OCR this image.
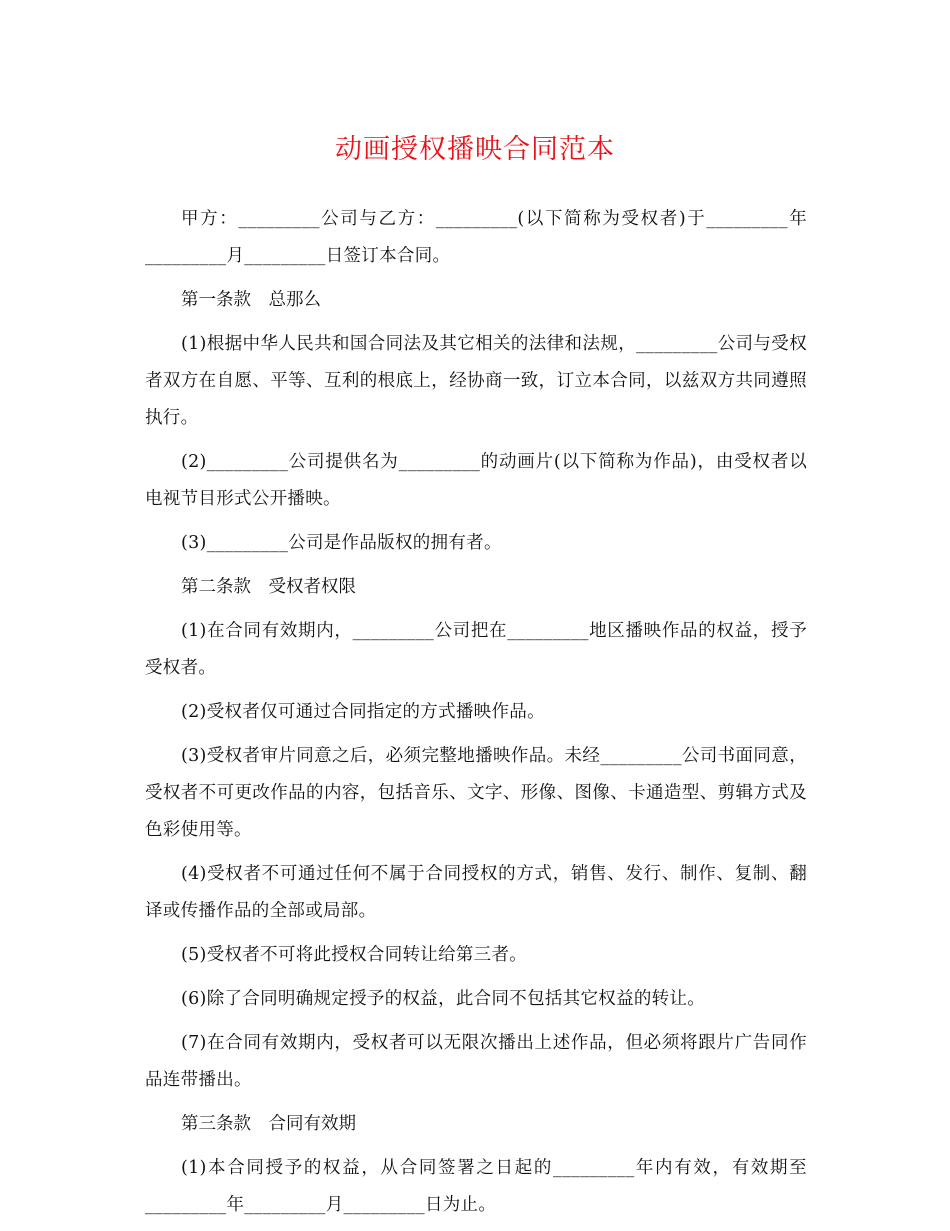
动画授权播映合同范本

甲方：_________公司与乙方：_________(以下简称为受权者)于_________年_________月_________日签订本合同。

第一条款　总那么

(1)根据中华人民共和国合同法及其它相关的法律和法规，_________公司与受权者双方在自愿、平等、互利的根底上，经协商一致，订立本合同，以兹双方共同遵照执行。

(2)_________公司提供名为_________的动画片(以下简称为作品)，由受权者以电视节目形式公开播映。

(3)_________公司是作品版权的拥有者。

第二条款　受权者权限

(1)在合同有效期内，_________公司把在_________地区播映作品的权益，授予受权者。

(2)受权者仅可通过合同指定的方式播映作品。

(3)受权者审片同意之后，必须完整地播映作品。未经_________公司书面同意，受权者不可更改作品的内容，包括音乐、文字、形像、图像、卡通造型、剪辑方式及色彩使用等。

(4)受权者不可通过任何不属于合同授权的方式，销售、发行、制作、复制、翻译或传播作品的全部或局部。

(5)受权者不可将此授权合同转让给第三者。

(6)除了合同明确规定授予的权益，此合同不包括其它权益的转让。

(7)在合同有效期内，受权者可以无限次播出上述作品，但必须将跟片广告同作品连带播出。

第三条款　合同有效期

(1)本合同授予的权益，从合同签署之日起的_________年内有效，有效期至_________年_________月_________日为止。
